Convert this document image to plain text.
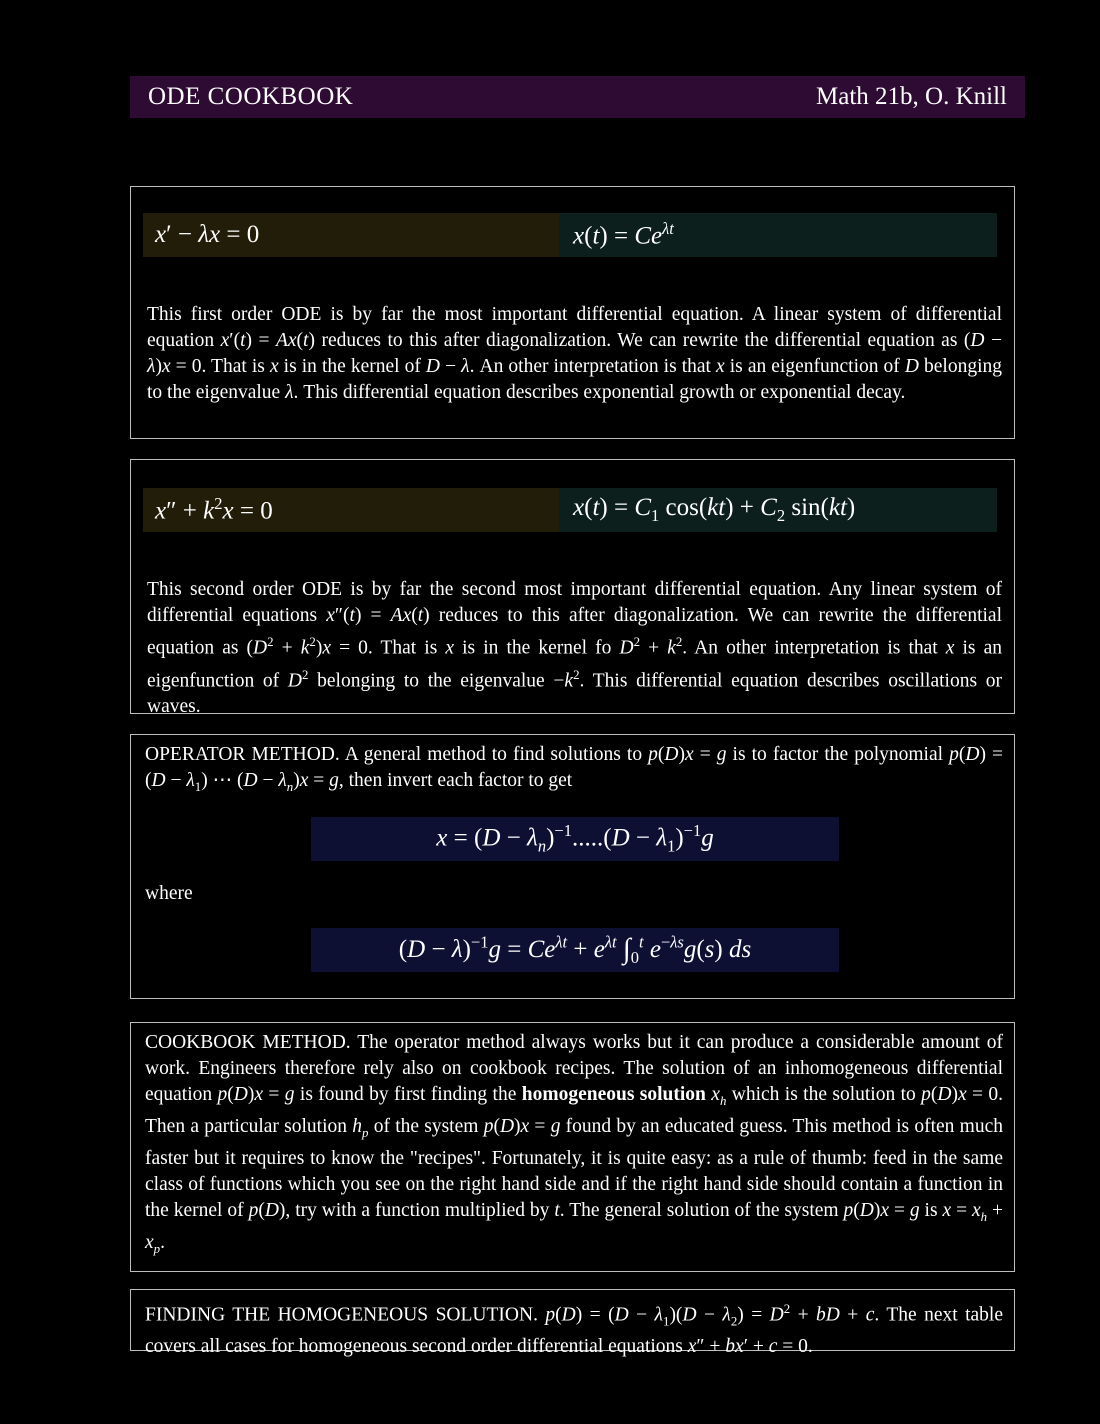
ODE COOKBOOK	Math 21b, O. Knill
x′ − λx = 0	$x(t) = Ce^{\lambda t}$
This first order ODE is by far the most important differential equation. A linear system of differential equation x′(t) = Ax(t) reduces to this after diagonalization. We can rewrite the differential equation as (D − λ)x = 0. That is x is in the kernel of D − λ. An other interpretation is that x is an eigenfunction of D belonging to the eigenvalue λ. This differential equation describes exponential growth or exponential decay.
$x'' + k^2x = 0$	$x(t) = C_1$ $\cos(kt) + C_2$ sin(kt)
This second order ODE is by far the second most important differential equation. Any linear system of differential equations x″(t) = Ax(t) reduces to this after diagonalization. We can rewrite the differential equation as $(D^2 + k^2)x = 0$. That is x is in the kernel fo $D^2 + k^2$. An other interpretation is that x is an eigenfunction of $D^2$ belonging to the eigenvalue $-k^2$. This differential equation describes oscillations or waves.
OPERATOR METHOD. A general method to find solutions to p(D)x = g is to factor the polynomial $p(D) = (D - \lambda_1)$ ⋯ $(D - \lambda_n)x = g$, then invert each factor to get
$x = (D - \lambda_n)^{-1}.....(D - \lambda_1)^{-1}g$
where
$(D - \lambda)^{-1}g = Ce^{\lambda t} + e^{\lambda t}$ $\int_0^t$ $e^{-\lambda s}g(s)$ ds
COOKBOOK METHOD. The operator method always works but it can produce a considerable amount of work. Engineers therefore rely also on cookbook recipes. The solution of an inhomogeneous differential equation p(D)x = g is found by first finding the homogeneous solution $x_h$ which is the solution to p(D)x = 0. Then a particular solution $h_p$ of the system p(D)x = g found by an educated guess. This method is often much faster but it requires to know the "recipes". Fortunately, it is quite easy: as a rule of thumb: feed in the same class of functions which you see on the right hand side and if the right hand side should contain a function in the kernel of p(D), try with a function multiplied by t. The general solution of the system p(D)x = g is $x = x_h + x_p$.
FINDING THE HOMOGENEOUS SOLUTION. $p(D) = (D - \lambda_1)(D - \lambda_2) = D^2$ + bD + c. The next table covers all cases for homogeneous second order differential equations x″ + bx′ + c = 0.
